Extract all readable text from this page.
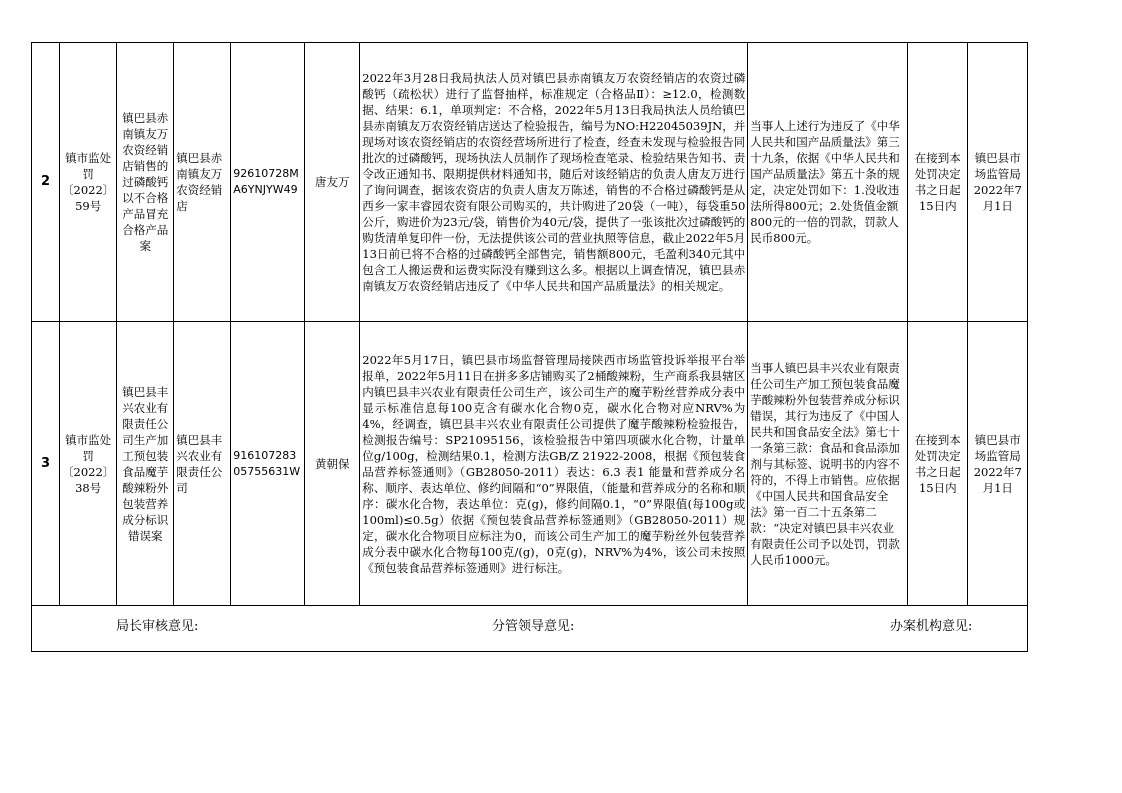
2	镇市监处罚〔2022〕59号	镇巴县赤南镇友万农资经销店销售的过磷酸钙以不合格产品冒充合格产品案	镇巴县赤南镇友万农资经销店	92610728MA6YNJYW49	唐友万	2022年3月28日我局执法人员对镇巴县赤南镇友万农资经销店的农资过磷酸钙（疏松状）进行了监督抽样，标准规定（合格品Ⅱ）：≥12.0，检测数据、结果：6.1，单项判定：不合格，2022年5月13日我局执法人员给镇巴县赤南镇友万农资经销店送达了检验报告，编号为NO:H22045039JN，并现场对该农资经销店的农资经营场所进行了检查，经查未发现与检验报告同批次的过磷酸钙，现场执法人员制作了现场检查笔录、检验结果告知书、责令改正通知书、限期提供材料通知书，随后对该经销店的负责人唐友万进行了询问调查，据该农资店的负责人唐友万陈述，销售的不合格过磷酸钙是从西乡一家丰睿园农资有限公司购买的，共计购进了20袋（一吨），每袋重50公斤，购进价为23元/袋，销售价为40元/袋，提供了一张该批次过磷酸钙的购货清单复印件一份，无法提供该公司的营业执照等信息，截止2022年5月13日前已将不合格的过磷酸钙全部售完，销售额800元，毛盈利340元其中包含工人搬运费和运费实际没有赚到这么多。根据以上调查情况，镇巴县赤南镇友万农资经销店违反了《中华人民共和国产品质量法》的相关规定。	当事人上述行为违反了《中华人民共和国产品质量法》第三十九条，依据《中华人民共和国产品质量法》第五十条的规定，决定处罚如下：1.没收违法所得800元；2.处货值金额800元的一倍的罚款，罚款人民币800元。	在接到本处罚决定书之日起15日内	镇巴县市场监管局2022年7月1日
3	镇市监处罚〔2022〕38号	镇巴县丰兴农业有限责任公司生产加工预包装食品魔芋酸辣粉外包装营养成分标识错误案	镇巴县丰兴农业有限责任公司	91610728305755631W	黄朝保	2022年5月17日，镇巴县市场监督管理局接陕西市场监管投诉举报平台举报单，2022年5月11日在拼多多店铺购买了2桶酸辣粉，生产商系我县辖区内镇巴县丰兴农业有限责任公司生产，该公司生产的魔芋粉丝营养成分表中显示标准信息每100克含有碳水化合物0克，碳水化合物对应NRV%为4%，经调查，镇巴县丰兴农业有限责任公司提供了魔芋酸辣粉检验报告，检测报告编号：SP21095156，该检验报告中第四项碳水化合物，计量单位g/100g，检测结果0.1，检测方法GB/Z 21922-2008，根据《预包装食品营养标签通则》（GB28050-2011）表达：6.3 表1 能量和营养成分名称、顺序、表达单位、修约间隔和“0”界限值，（能量和营养成分的名称和顺序：碳水化合物，表达单位：克(g)，修约间隔0.1，“0”界限值(每100g或100ml)≤0.5g）依据《预包装食品营养标签通则》（GB28050-2011）规定，碳水化合物项目应标注为0，而该公司生产加工的魔芋粉丝外包装营养成分表中碳水化合物每100克/(g)，0克(g)，NRV%为4%，该公司未按照《预包装食品营养标签通则》进行标注。	当事人镇巴县丰兴农业有限责任公司生产加工预包装食品魔芋酸辣粉外包装营养成分标识错误，其行为违反了《中国人民共和国食品安全法》第七十一条第三款：食品和食品添加剂与其标签、说明书的内容不符的，不得上市销售。应依据《中国人民共和国食品安全法》第一百二十五条第二款：“决定对镇巴县丰兴农业有限责任公司予以处罚，罚款人民币1000元。	在接到本处罚决定书之日起15日内	镇巴县市场监管局2022年7月1日

局长审核意见: 分管领导意见: 办案机构意见:									
